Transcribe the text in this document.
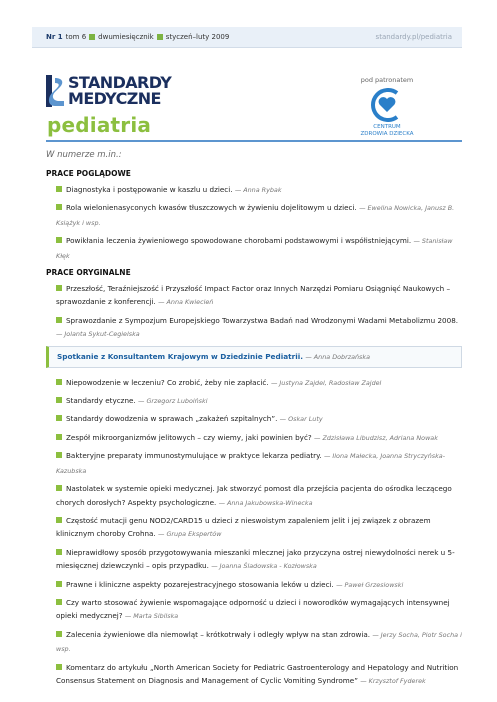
Nr 1 tom 6 dwumiesięcznik styczeń–luty 2009	standardy.pl/pediatria
STANDARDY
MEDYCZNE
pediatria
pod patronatem
CENTRUM
ZDROWIA DZIECKA
W numerze m.in.:
PRACE POGLĄDOWE
Diagnostyka i postępowanie w kaszlu u dzieci. — Anna Rybak
Rola wielonienasyconych kwasów tłuszczowych w żywieniu dojelitowym u dzieci. — Ewelina Nowicka, Janusz B. Książyk i wsp.
Powikłania leczenia żywieniowego spowodowane chorobami podstawowymi i współistniejącymi. — Stanisław Kłęk
PRACE ORYGINALNE
Przeszłość, Teraźniejszość i Przyszłość Impact Factor oraz Innych Narzędzi Pomiaru Osiągnięć Naukowych – sprawozdanie z konferencji. — Anna Kwiecień
Sprawozdanie z Sympozjum Europejskiego Towarzystwa Badań nad Wrodzonymi Wadami Metabolizmu 2008. — Jolanta Sykut-Cegielska
Spotkanie z Konsultantem Krajowym w Dziedzinie Pediatrii. — Anna Dobrzańska
Niepowodzenie w leczeniu? Co zrobić, żeby nie zapłacić. — Justyna Zajdel, Radosław Zajdel
Standardy etyczne. — Grzegorz Luboiński
Standardy dowodzenia w sprawach „zakażeń szpitalnych”. — Oskar Luty
Zespół mikroorganizmów jelitowych – czy wiemy, jaki powinien być? — Zdzisława Libudzisz, Adriana Nowak
Bakteryjne preparaty immunostymulujące w praktyce lekarza pediatry. — Ilona Małecka, Joanna Stryczyńska-Kazubska
Nastolatek w systemie opieki medycznej. Jak stworzyć pomost dla przejścia pacjenta do ośrodka leczącego chorych dorosłych? Aspekty psychologiczne. — Anna Jakubowska-Winecka
Częstość mutacji genu NOD2/CARD15 u dzieci z nieswoistym zapaleniem jelit i jej związek z obrazem klinicznym choroby Crohna. — Grupa Ekspertów
Nieprawidłowy sposób przygotowywania mieszanki mlecznej jako przyczyna ostrej niewydolności nerek u 5-miesięcznej dziewczynki – opis przypadku. — Joanna Śladowska - Kozłowska
Prawne i kliniczne aspekty pozarejestracyjnego stosowania leków u dzieci. — Paweł Grzesiowski
Czy warto stosować żywienie wspomagające odporność u dzieci i noworodków wymagających intensywnej opieki medycznej? — Marta Sibilska
Zalecenia żywieniowe dla niemowląt – krótkotrwały i odległy wpływ na stan zdrowia. — Jerzy Socha, Piotr Socha i wsp.
Komentarz do artykułu „North American Society for Pediatric Gastroenterology and Hepatology and Nutrition Consensus Statement on Diagnosis and Management of Cyclic Vomiting Syndrome” — Krzysztof Fyderek
